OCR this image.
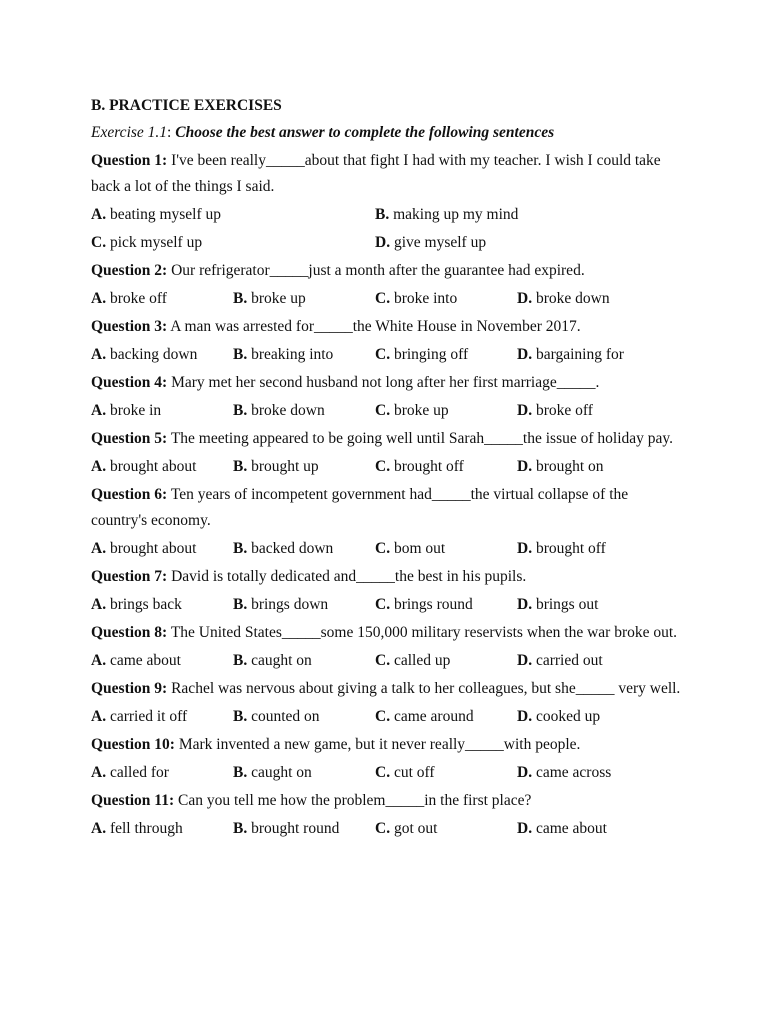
B. PRACTICE EXERCISES

Exercise 1.1: Choose the best answer to complete the following sentences

Question 1: I've been really_____about that fight I had with my teacher. I wish I could take back a lot of the things I said.

A. beating myself up	B. making up my mind
C. pick myself up	D. give myself up

Question 2: Our refrigerator_____just a month after the guarantee had expired.

A. broke off	B. broke up	C. broke into	D. broke down

Question 3: A man was arrested for_____the White House in November 2017.

A. backing down	B. breaking into	C. bringing off	D. bargaining for

Question 4: Mary met her second husband not long after her first marriage_____.

A. broke in	B. broke down	C. broke up	D. broke off

Question 5: The meeting appeared to be going well until Sarah_____the issue of holiday pay.

A. brought about	B. brought up	C. brought off	D. brought on

Question 6: Ten years of incompetent government had_____the virtual collapse of the country's economy.

A. brought about	B. backed down	C. bom out	D. brought off

Question 7: David is totally dedicated and_____the best in his pupils.

A. brings back	B. brings down	C. brings round	D. brings out

Question 8: The United States_____some 150,000 military reservists when the war broke out.

A. came about	B. caught on	C. called up	D. carried out

Question 9: Rachel was nervous about giving a talk to her colleagues, but she_____ very well.

A. carried it off	B. counted on	C. came around	D. cooked up

Question 10: Mark invented a new game, but it never really_____with people.

A. called for	B. caught on	C. cut off	D. came across

Question 11: Can you tell me how the problem_____in the first place?

A. fell through	B. brought round	C. got out	D. came about
